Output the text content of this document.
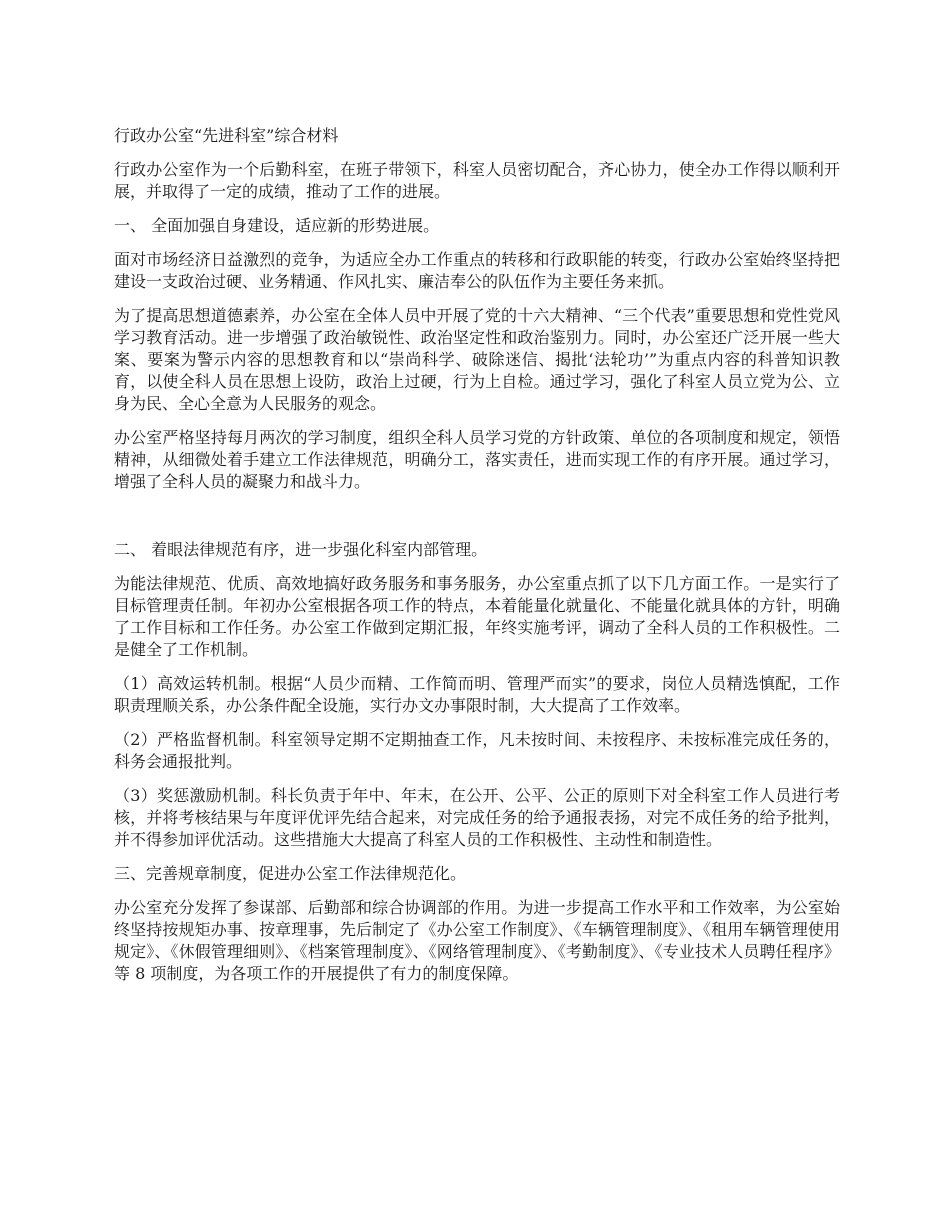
行政办公室“先进科室”综合材料

行政办公室作为一个后勤科室，在班子带领下，科室人员密切配合，齐心协力，使全办工作得以顺利开展，并取得了一定的成绩，推动了工作的进展。

一、 全面加强自身建设，适应新的形势进展。

面对市场经济日益激烈的竞争，为适应全办工作重点的转移和行政职能的转变，行政办公室始终坚持把建设一支政治过硬、业务精通、作风扎实、廉洁奉公的队伍作为主要任务来抓。

为了提高思想道德素养，办公室在全体人员中开展了党的十六大精神、“三个代表”重要思想和党性党风学习教育活动。进一步增强了政治敏锐性、政治坚定性和政治鉴别力。同时，办公室还广泛开展一些大案、要案为警示内容的思想教育和以“崇尚科学、破除迷信、揭批‘法轮功’”为重点内容的科普知识教育，以使全科人员在思想上设防，政治上过硬，行为上自检。通过学习，强化了科室人员立党为公、立身为民、全心全意为人民服务的观念。

办公室严格坚持每月两次的学习制度，组织全科人员学习党的方针政策、单位的各项制度和规定，领悟精神，从细微处着手建立工作法律规范，明确分工，落实责任，进而实现工作的有序开展。通过学习，增强了全科人员的凝聚力和战斗力。

二、 着眼法律规范有序，进一步强化科室内部管理。

为能法律规范、优质、高效地搞好政务服务和事务服务，办公室重点抓了以下几方面工作。一是实行了目标管理责任制。年初办公室根据各项工作的特点，本着能量化就量化、不能量化就具体的方针，明确了工作目标和工作任务。办公室工作做到定期汇报，年终实施考评，调动了全科人员的工作积极性。二是健全了工作机制。

（1）高效运转机制。根据“人员少而精、工作简而明、管理严而实”的要求，岗位人员精选慎配，工作职责理顺关系，办公条件配全设施，实行办文办事限时制，大大提高了工作效率。

（2）严格监督机制。科室领导定期不定期抽查工作，凡未按时间、未按程序、未按标准完成任务的，科务会通报批判。

（3）奖惩激励机制。科长负责于年中、年末，在公开、公平、公正的原则下对全科室工作人员进行考核，并将考核结果与年度评优评先结合起来，对完成任务的给予通报表扬，对完不成任务的给予批判，并不得参加评优活动。这些措施大大提高了科室人员的工作积极性、主动性和制造性。

三、完善规章制度，促进办公室工作法律规范化。

办公室充分发挥了参谋部、后勤部和综合协调部的作用。为进一步提高工作水平和工作效率，为公室始终坚持按规矩办事、按章理事，先后制定了《办公室工作制度》、《车辆管理制度》、《租用车辆管理使用规定》、《休假管理细则》、《档案管理制度》、《网络管理制度》、《考勤制度》、《专业技术人员聘任程序》等 8 项制度，为各项工作的开展提供了有力的制度保障。
